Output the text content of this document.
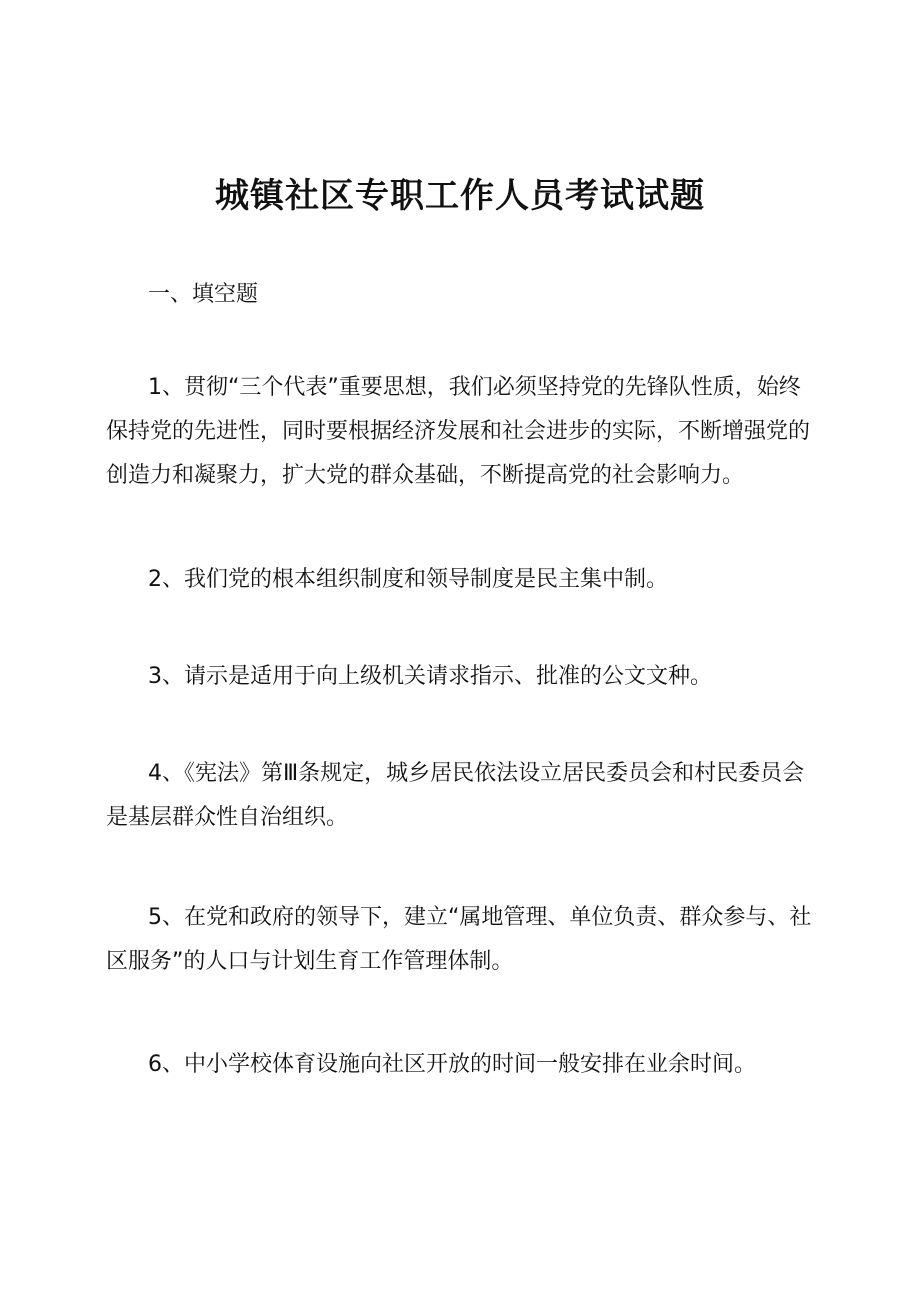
城镇社区专职工作人员考试试题
一、填空题

1、贯彻“三个代表”重要思想，我们必须坚持党的先锋队性质，始终保持党的先进性，同时要根据经济发展和社会进步的实际，不断增强党的创造力和凝聚力，扩大党的群众基础，不断提高党的社会影响力。

2、我们党的根本组织制度和领导制度是民主集中制。

3、请示是适用于向上级机关请求指示、批准的公文文种。

4、《宪法》第Ⅲ条规定，城乡居民依法设立居民委员会和村民委员会是基层群众性自治组织。

5、在党和政府的领导下，建立“属地管理、单位负责、群众参与、社区服务”的人口与计划生育工作管理体制。

6、中小学校体育设施向社区开放的时间一般安排在业余时间。
